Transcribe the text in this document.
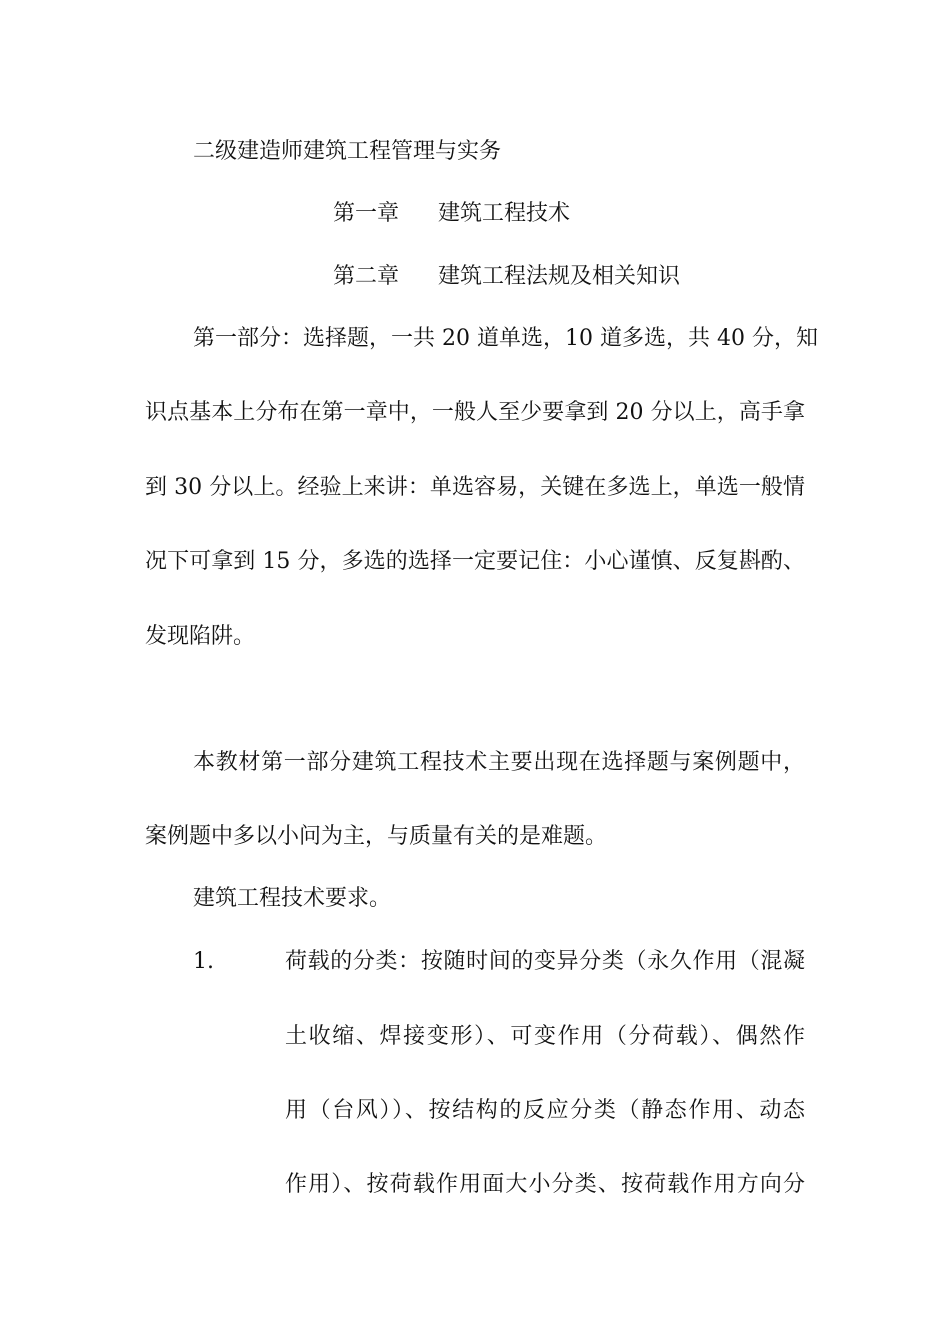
二级建造师建筑工程管理与实务
第一章 建筑工程技术
第二章 建筑工程法规及相关知识
第一部分：选择题，一共 20 道单选，10 道多选，共 40 分，知
识点基本上分布在第一章中，一般人至少要拿到 20 分以上，高手拿
到 30 分以上。经验上来讲：单选容易，关键在多选上，单选一般情
况下可拿到 15 分，多选的选择一定要记住：小心谨慎、反复斟酌、
发现陷阱。
本教材第一部分建筑工程技术主要出现在选择题与案例题中，
案例题中多以小问为主，与质量有关的是难题。
建筑工程技术要求。
1.	荷载的分类：按随时间的变异分类（永久作用（混凝
土收缩、焊接变形）、可变作用（分荷载）、偶然作
用（台风））、按结构的反应分类（静态作用、动态
作用）、按荷载作用面大小分类、按荷载作用方向分
